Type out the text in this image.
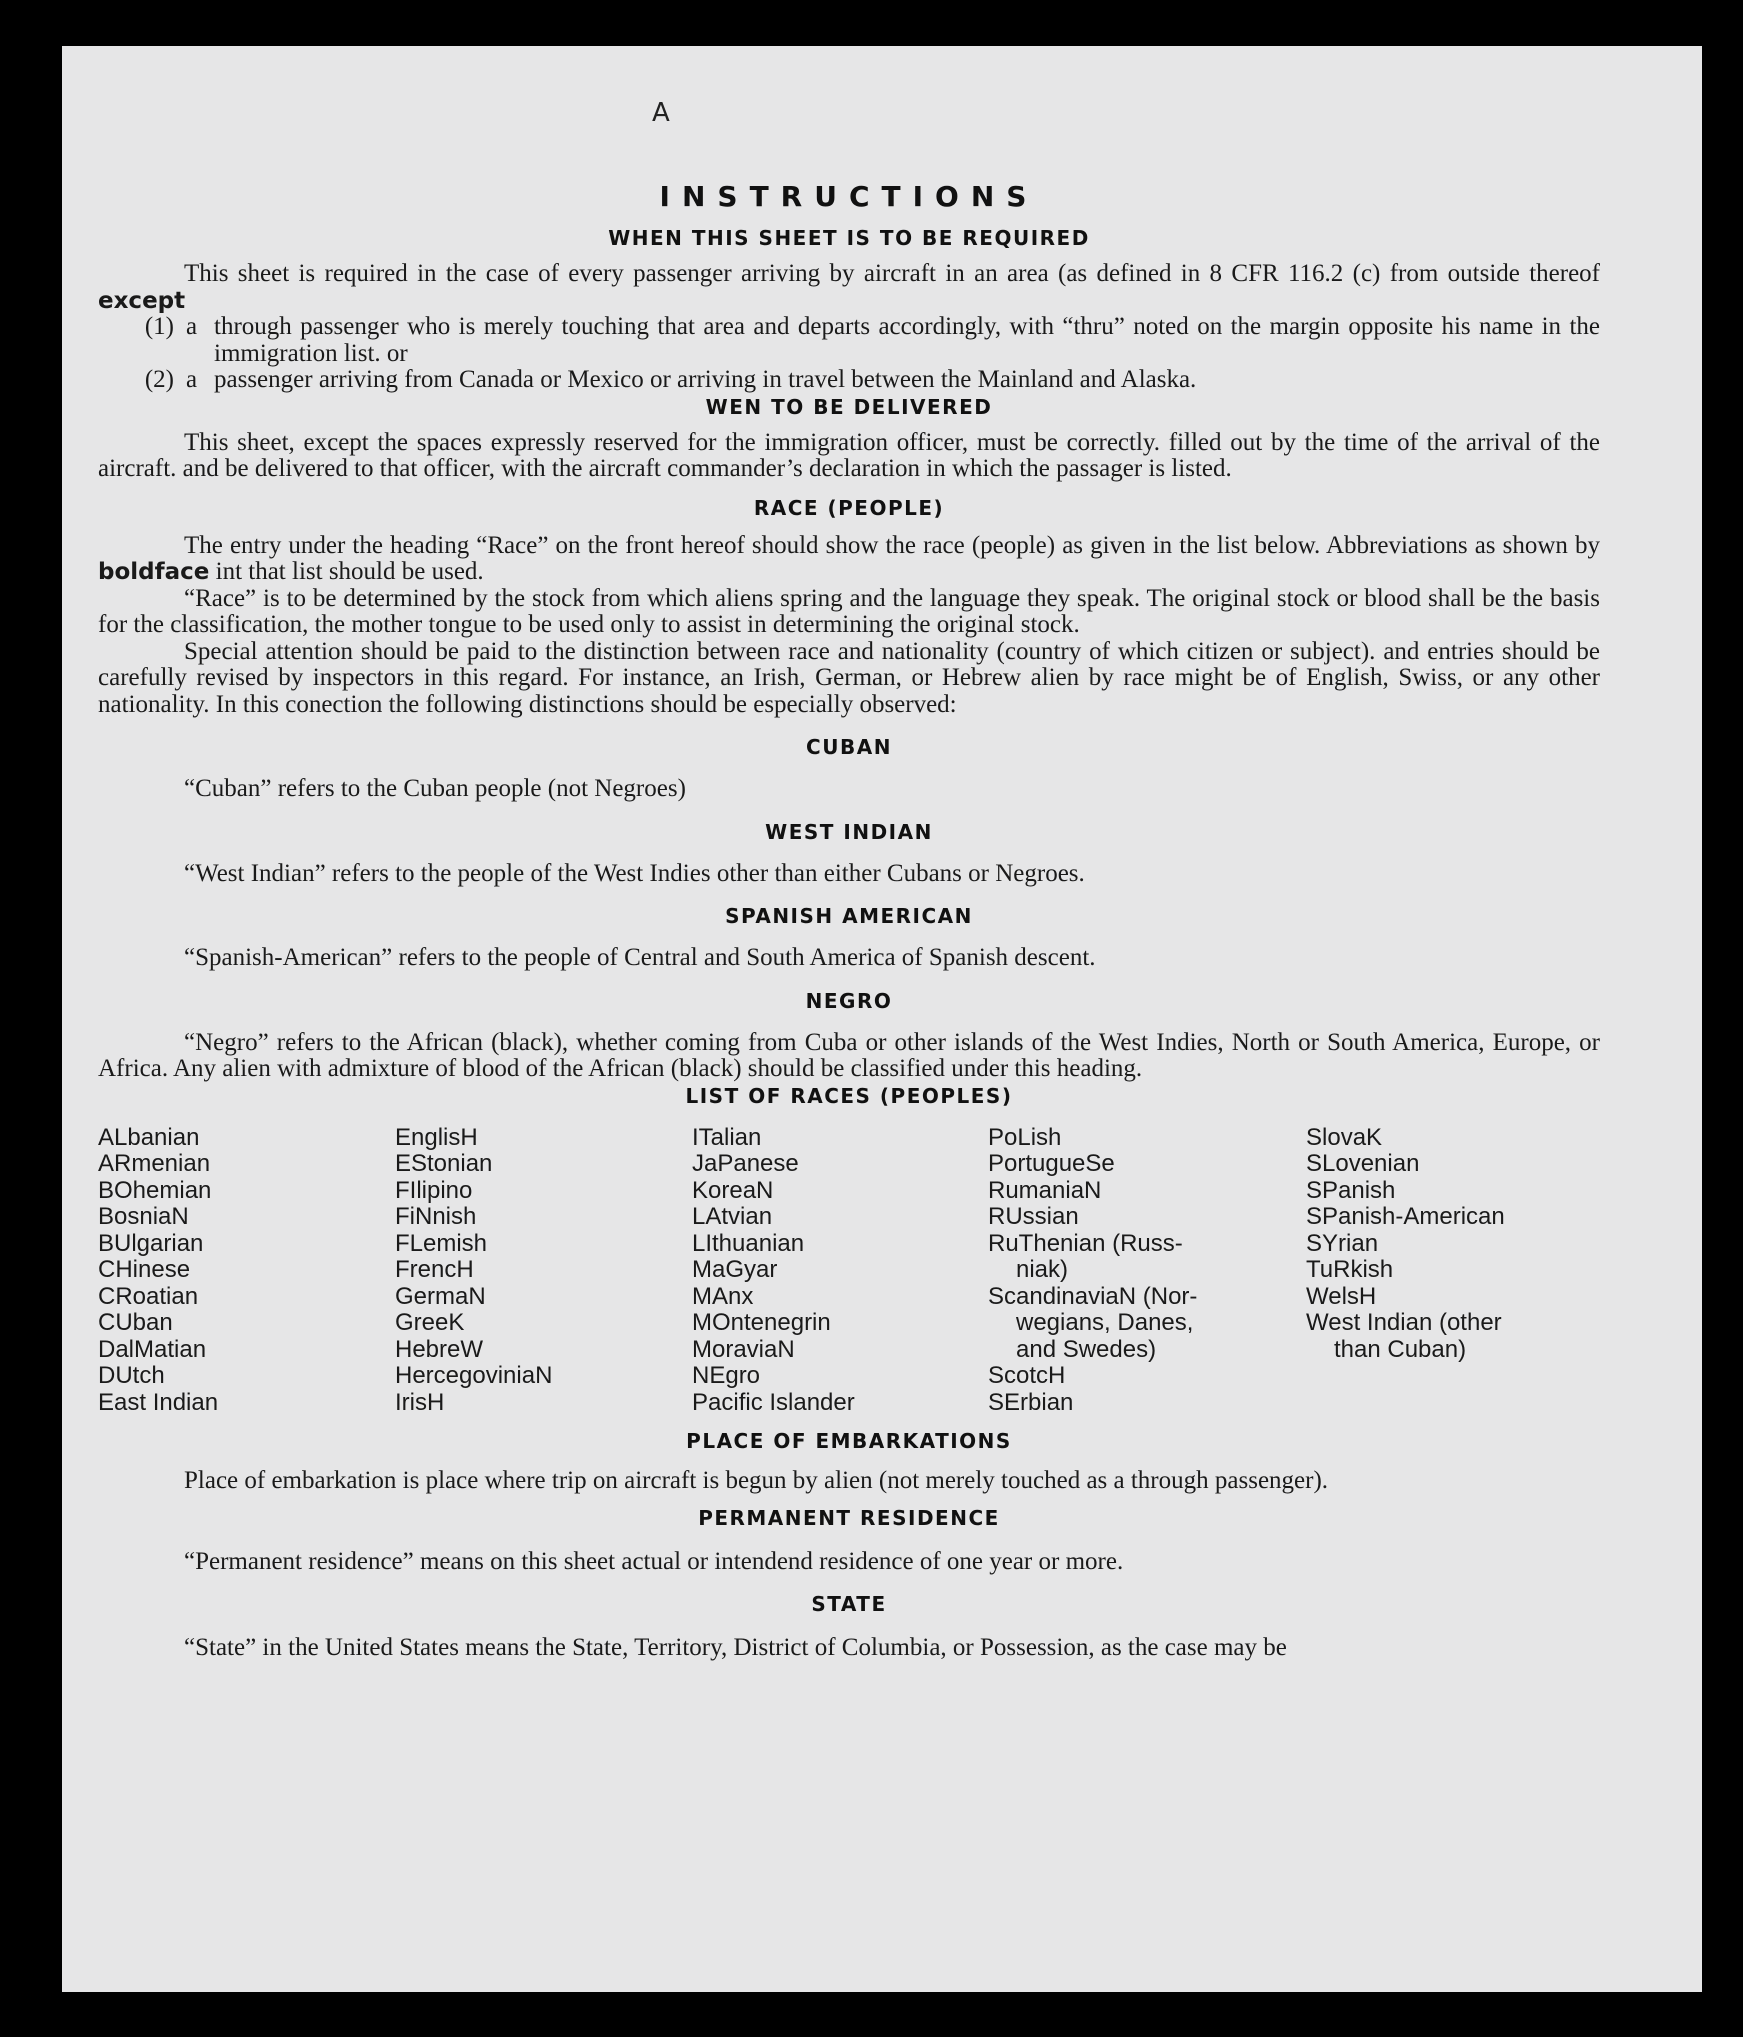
A
INSTRUCTIONS
WHEN THIS SHEET IS TO BE REQUIRED

This sheet is required in the case of every passenger arriving by aircraft in an area (as defined in 8 CFR 116.2 (c) from outside thereof except

(1) a through passenger who is merely touching that area and departs accordingly, with “thru” noted on the margin opposite his name in the immigration list. or
(2) a passenger arriving from Canada or Mexico or arriving in travel between the Mainland and Alaska.
WEN TO BE DELIVERED

This sheet, except the spaces expressly reserved for the immigration officer, must be correctly. filled out by the time of the arrival of the aircraft. and be delivered to that officer, with the aircraft commander’s declaration in which the passager is listed.

RACE (PEOPLE)

The entry under the heading “Race” on the front hereof should show the race (people) as given in the list below. Abbreviations as shown by boldface int that list should be used.

“Race” is to be determined by the stock from which aliens spring and the language they speak. The original stock or blood shall be the basis for the classification, the mother tongue to be used only to assist in determining the original stock.

Special attention should be paid to the distinction between race and nationality (country of which citizen or subject). and entries should be carefully revised by inspectors in this regard. For instance, an Irish, German, or Hebrew alien by race might be of English, Swiss, or any other nationality. In this conection the following distinctions should be especially observed:

CUBAN

“Cuban” refers to the Cuban people (not Negroes)

WEST INDIAN

“West Indian” refers to the people of the West Indies other than either Cubans or Negroes.

SPANISH AMERICAN

“Spanish-American” refers to the people of Central and South America of Spanish descent.

NEGRO

“Negro” refers to the African (black), whether coming from Cuba or other islands of the West Indies, North or South America, Europe, or Africa. Any alien with admixture of blood of the African (black) should be classified under this heading.

LIST OF RACES (PEOPLES)
ALbanian
ARmenian
BOhemian
BosniaN
BUlgarian
CHinese
CRoatian
CUban
DalMatian
DUtch
East Indian
EnglisH
EStonian
FIlipino
FiNnish
FLemish
FrencH
GermaN
GreeK
HebreW
HercegoviniaN
IrisH
ITalian
JaPanese
KoreaN
LAtvian
LIthuanian
MaGyar
MAnx
MOntenegrin
MoraviaN
NEgro
Pacific Islander
PoLish
PortugueSe
RumaniaN
RUssian
RuThenian (Russ-
niak)
ScandinaviaN (Nor-
wegians, Danes,
and Swedes)
ScotcH
SErbian
SlovaK
SLovenian
SPanish
SPanish-American
SYrian
TuRkish
WelsH
West Indian (other
than Cuban)
PLACE OF EMBARKATIONS

Place of embarkation is place where trip on aircraft is begun by alien (not merely touched as a through passenger).

PERMANENT RESIDENCE

“Permanent residence” means on this sheet actual or intendend residence of one year or more.

STATE

“State” in the United States means the State, Territory, District of Columbia, or Possession, as the case may be
